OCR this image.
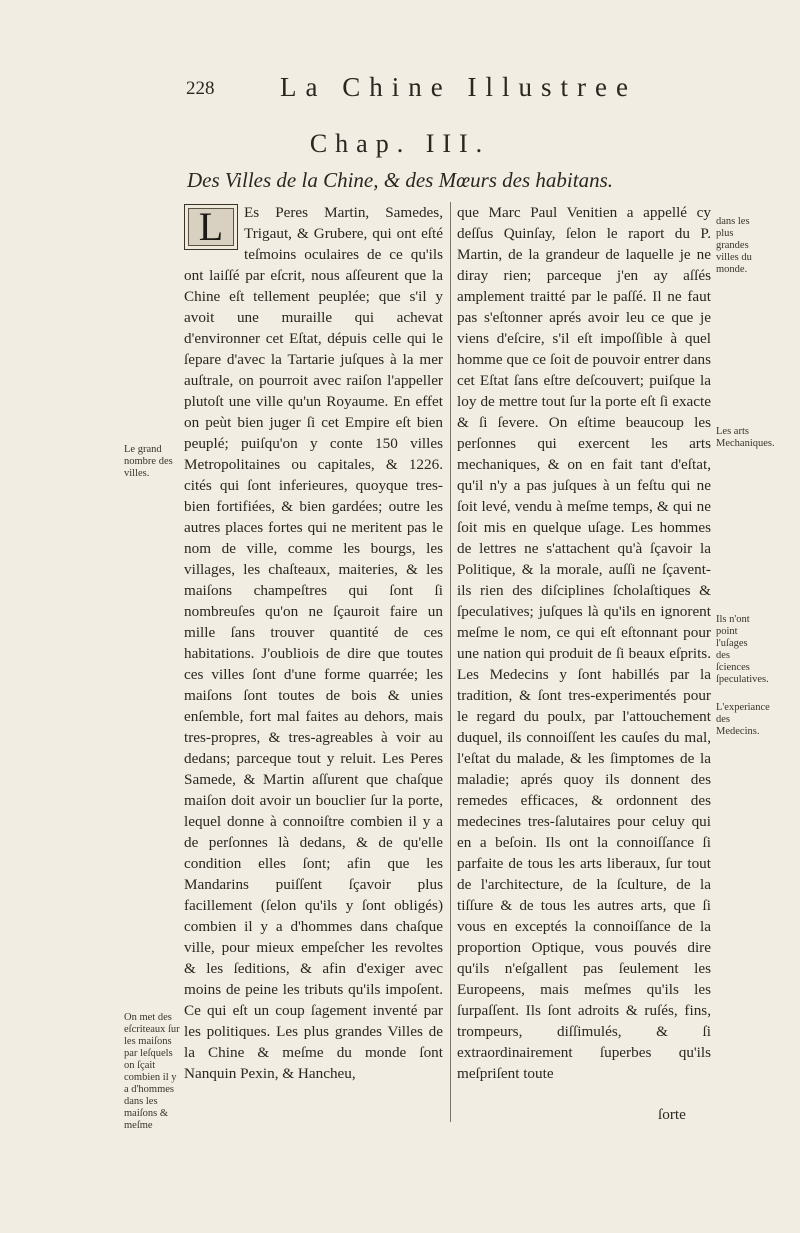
228 La Chine Illustree
Chap. III.
Des Villes de la Chine, & des Mœurs des habitans.
L	Es Peres Martin, Samedes, Trigaut, & Grubere, qui ont eſté teſmoins oculaires de ce qu'ils ont laiſſé par eſcrit, nous aſſeurent que la Chine eſt tellement peuplée; que s'il y avoit une muraille qui achevat d'environner cet Eſtat, dépuis celle qui le ſepare d'avec la Tartarie juſques à la mer auſtrale, on pourroit avec raiſon l'appeller plutoſt une ville qu'un Royaume. En effet on peùt bien juger ſi cet Empire eſt bien peuplé; puiſqu'on y conte 150 villes Metropolitaines ou capitales, & 1226. cités qui ſont inferieures, quoyque tres-bien fortifiées, & bien gardées; outre les autres places fortes qui ne meritent pas le nom de ville, comme les bourgs, les villages, les chaſteaux, maiteries, & les maiſons champeſtres qui ſont ſi nombreuſes qu'on ne ſçauroit faire un mille ſans trouver quantité de ces habitations. J'oubliois de dire que toutes ces villes ſont d'une forme quarrée; les maiſons ſont toutes de bois & unies enſemble, fort mal faites au dehors, mais tres-propres, & tres-agreables à voir au dedans; parceque tout y reluit. Les Peres Samede, & Martin aſſurent que chaſque maiſon doit avoir un bouclier ſur la porte, lequel donne à connoiſtre combien il y a de perſonnes là dedans, & de qu'elle condition elles ſont; afin que les Mandarins puiſſent ſçavoir plus facillement (ſelon qu'ils y ſont obligés) combien il y a d'hommes dans chaſque ville, pour mieux empeſcher les revoltes & les ſeditions, & afin d'exiger avec moins de peine les tributs qu'ils impoſent. Ce qui eſt un coup ſagement inventé par les politiques. Les plus grandes Villes de la Chine & meſme du monde ſont Nanquin Pexin, & Hancheu,

que Marc Paul Venitien a appellé cy deſſus Quinſay, ſelon le raport du P. Martin, de la grandeur de laquelle je ne diray rien; parceque j'en ay aſſés amplement traitté par le paſſé. Il ne faut pas s'eſtonner aprés avoir leu ce que je viens d'eſcire, s'il eſt impoſſible à quel homme que ce ſoit de pouvoir entrer dans cet Eſtat ſans eſtre deſcouvert; puiſque la loy de mettre tout ſur la porte eſt ſi exacte & ſi ſevere. On eſtime beaucoup les perſonnes qui exercent les arts mechaniques, & on en fait tant d'eſtat, qu'il n'y a pas juſques à un feſtu qui ne ſoit levé, vendu à meſme temps, & qui ne ſoit mis en quelque uſage. Les hommes de lettres ne s'attachent qu'à ſçavoir la Politique, & la morale, auſſi ne ſçavent-ils rien des diſciplines ſcholaſtiques & ſpeculatives; juſques là qu'ils en ignorent meſme le nom, ce qui eſt eſtonnant pour une nation qui produit de ſi beaux eſprits. Les Medecins y ſont habillés par la tradition, & ſont tres-experimentés pour le regard du poulx, par l'attouchement duquel, ils connoiſſent les cauſes du mal, l'eſtat du malade, & les ſimptomes de la maladie; aprés quoy ils donnent des remedes efficaces, & ordonnent des medecines tres-ſalutaires pour celuy qui en a beſoin. Ils ont la connoiſſance ſi parfaite de tous les arts liberaux, ſur tout de l'architecture, de la ſculture, de la tiſſure & de tous les autres arts, que ſi vous en exceptés la connoiſſance de la proportion Optique, vous pouvés dire qu'ils n'eſgallent pas ſeulement les Europeens, mais meſmes qu'ils les ſurpaſſent. Ils ſont adroits & ruſés, fins, trompeurs, diſſimulés, & ſi extraordinairement ſuperbes qu'ils meſpriſent toute

ſorte
Le grand nombre des villes.
On met des eſcriteaux ſur les maiſons par leſquels on ſçait combien il y a d'hommes dans les maiſons & meſme
dans les plus grandes villes du monde.
Les arts Mechaniques.
Ils n'ont point l'uſages des ſciences ſpeculatives.
L'experiance des Medecins.
